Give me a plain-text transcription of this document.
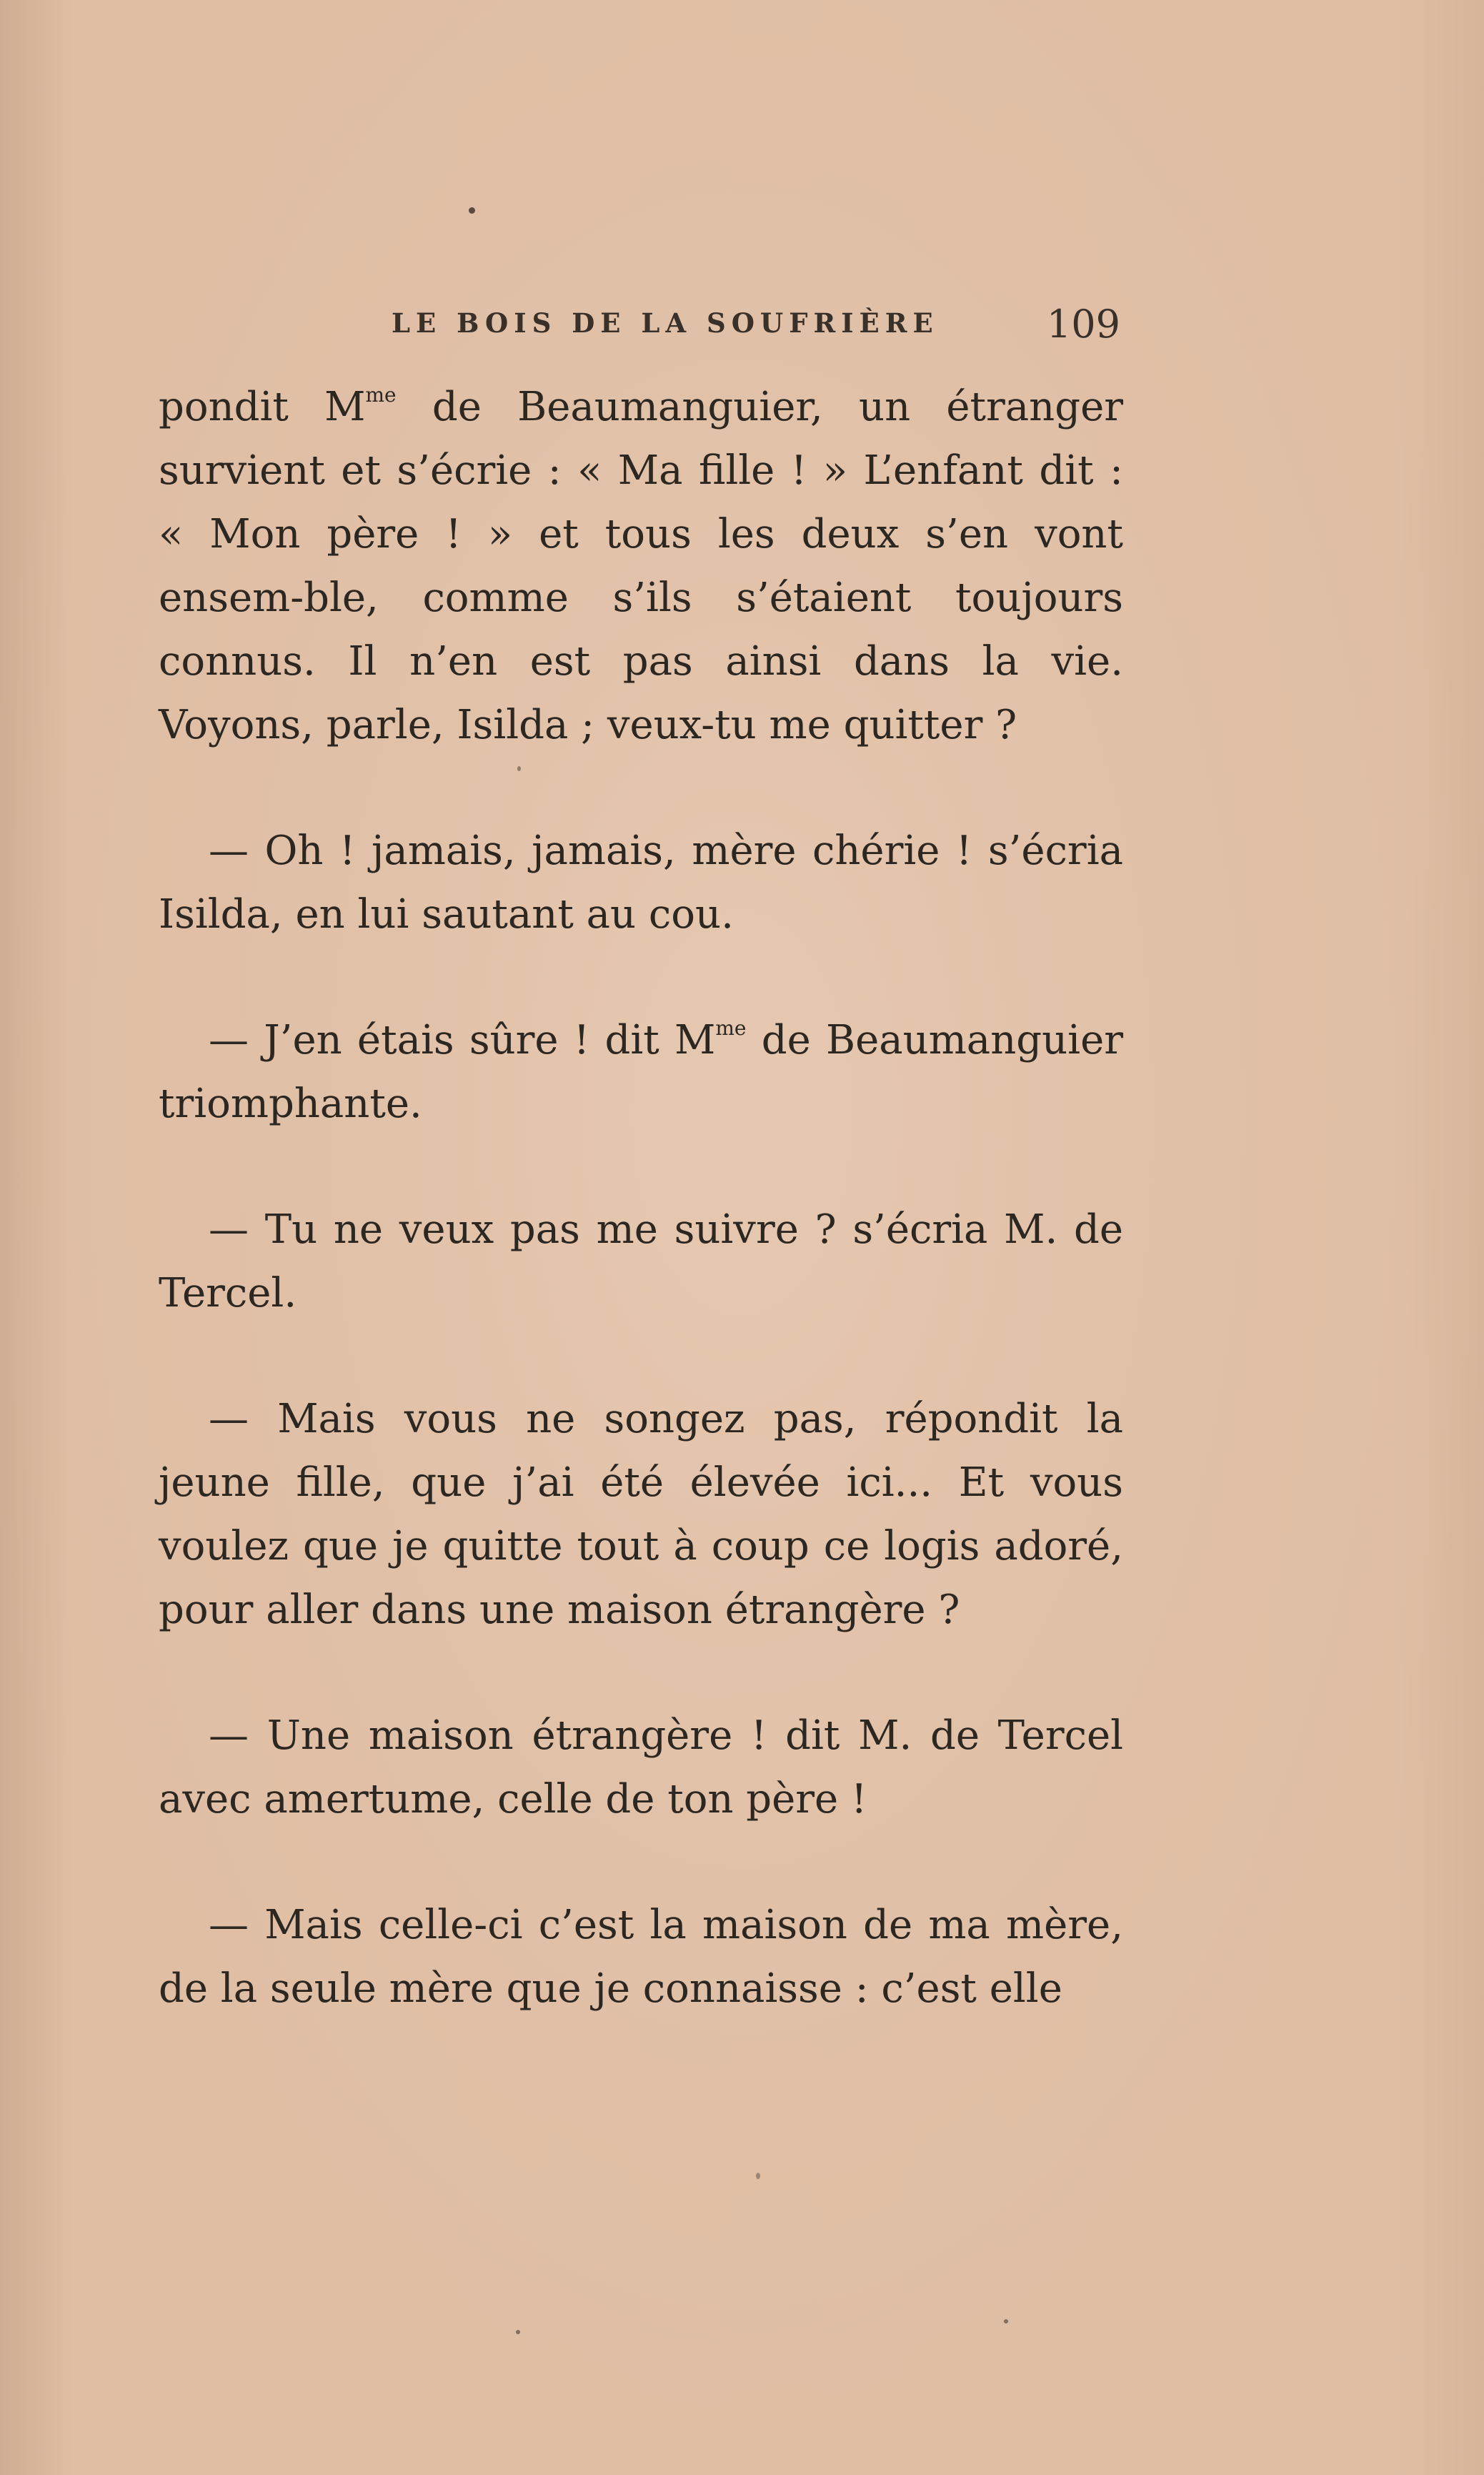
LE BOIS DE LA SOUFRIÈRE	109

pondit $M^{me}$ de Beaumanguier, un étranger survient et s’écrie : « Ma fille ! » L’enfant dit : « Mon père ! » et tous les deux s’en vont ensem-ble, comme s’ils s’étaient toujours connus. Il n’en est pas ainsi dans la vie. Voyons, parle, Isilda ; veux-tu me quitter ?

— Oh ! jamais, jamais, mère chérie ! s’écria Isilda, en lui sautant au cou.

— J’en étais sûre ! dit $M^{me}$ de Beaumanguier triomphante.

— Tu ne veux pas me suivre ? s’écria M. de Tercel.

— Mais vous ne songez pas, répondit la jeune fille, que j’ai été élevée ici... Et vous voulez que je quitte tout à coup ce logis adoré, pour aller dans une maison étrangère ?

— Une maison étrangère ! dit M. de Tercel avec amertume, celle de ton père !

— Mais celle-ci c’est la maison de ma mère, de la seule mère que je connaisse : c’est elle
